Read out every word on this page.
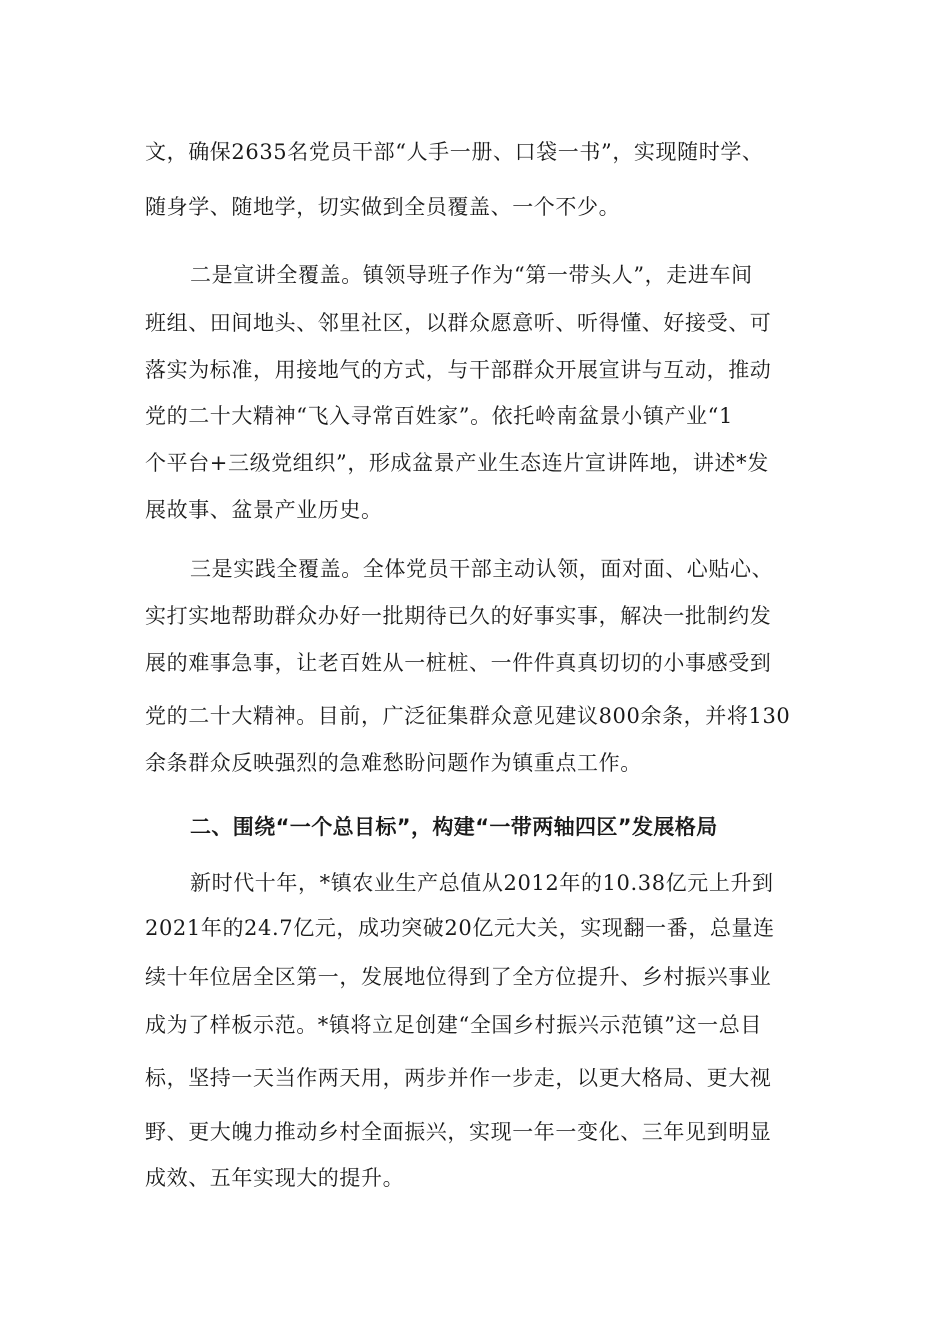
文，确保2635名党员干部“人手一册、口袋一书”，实现随时学、
随身学、随地学，切实做到全员覆盖、一个不少。
二是宣讲全覆盖。镇领导班子作为“第一带头人”，走进车间
班组、田间地头、邻里社区，以群众愿意听、听得懂、好接受、可
落实为标准，用接地气的方式，与干部群众开展宣讲与互动，推动
党的二十大精神“飞入寻常百姓家”。依托岭南盆景小镇产业“1
个平台+三级党组织”，形成盆景产业生态连片宣讲阵地，讲述*发
展故事、盆景产业历史。
三是实践全覆盖。全体党员干部主动认领，面对面、心贴心、
实打实地帮助群众办好一批期待已久的好事实事，解决一批制约发
展的难事急事，让老百姓从一桩桩、一件件真真切切的小事感受到
党的二十大精神。目前，广泛征集群众意见建议800余条，并将130
余条群众反映强烈的急难愁盼问题作为镇重点工作。
二、围绕“一个总目标”，构建“一带两轴四区”发展格局
新时代十年，*镇农业生产总值从2012年的10.38亿元上升到
2021年的24.7亿元，成功突破20亿元大关，实现翻一番，总量连
续十年位居全区第一，发展地位得到了全方位提升、乡村振兴事业
成为了样板示范。*镇将立足创建“全国乡村振兴示范镇”这一总目
标，坚持一天当作两天用，两步并作一步走，以更大格局、更大视
野、更大魄力推动乡村全面振兴，实现一年一变化、三年见到明显
成效、五年实现大的提升。
